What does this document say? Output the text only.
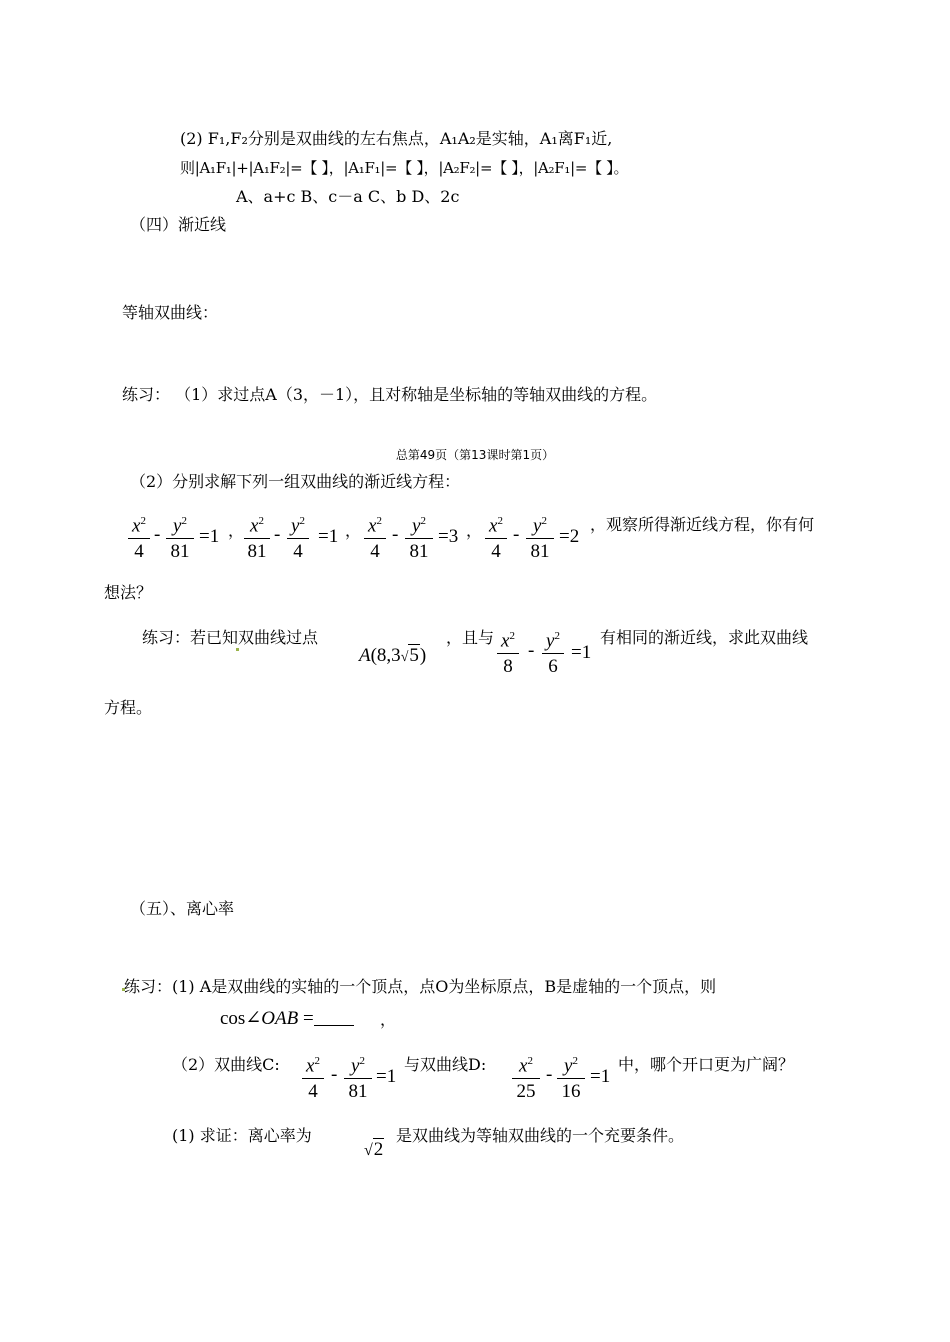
(2) F₁,F₂分别是双曲线的左右焦点，A₁A₂是实轴，A₁离F₁近,
则|A₁F₁|+|A₁F₂|=【 】，|A₁F₁|=【 】，|A₂F₂|=【 】，|A₂F₁|=【 】。
A、a+c B、c－a C、b D、2c
（四）渐近线
等轴双曲线：
练习： （1）求过点A（3，－1），且对称轴是坐标轴的等轴双曲线的方程。
总第49页（第13课时第1页）
（2）分别求解下列一组双曲线的渐近线方程：
$x^2$
4
- $y^2$
81
=1 ， $x^2$
81
- $y^2$
4
=1 ， $x^2$
4
- $y^2$
81
=3 ， $x^2$
4
- $y^2$
81
=2
，观察所得渐近线方程，你有何
想法？
练习：若已知双曲线过点
A(8,3√5)
，且与 $x^2$
8
- $y^2$
6
=1
有相同的渐近线，求此双曲线
方程。
（五）、离心率
练习：(1) A是双曲线的实轴的一个顶点，点O为坐标原点，B是虚轴的一个顶点，则
cos∠OAB =	，
（2）双曲线C: $x^2$
4
- $y^2$
81
=1
与双曲线D:	$x^2$
25
- $y^2$
16
=1
中，哪个开口更为广阔？
(1) 求证：离心率为
√2
是双曲线为等轴双曲线的一个充要条件。
